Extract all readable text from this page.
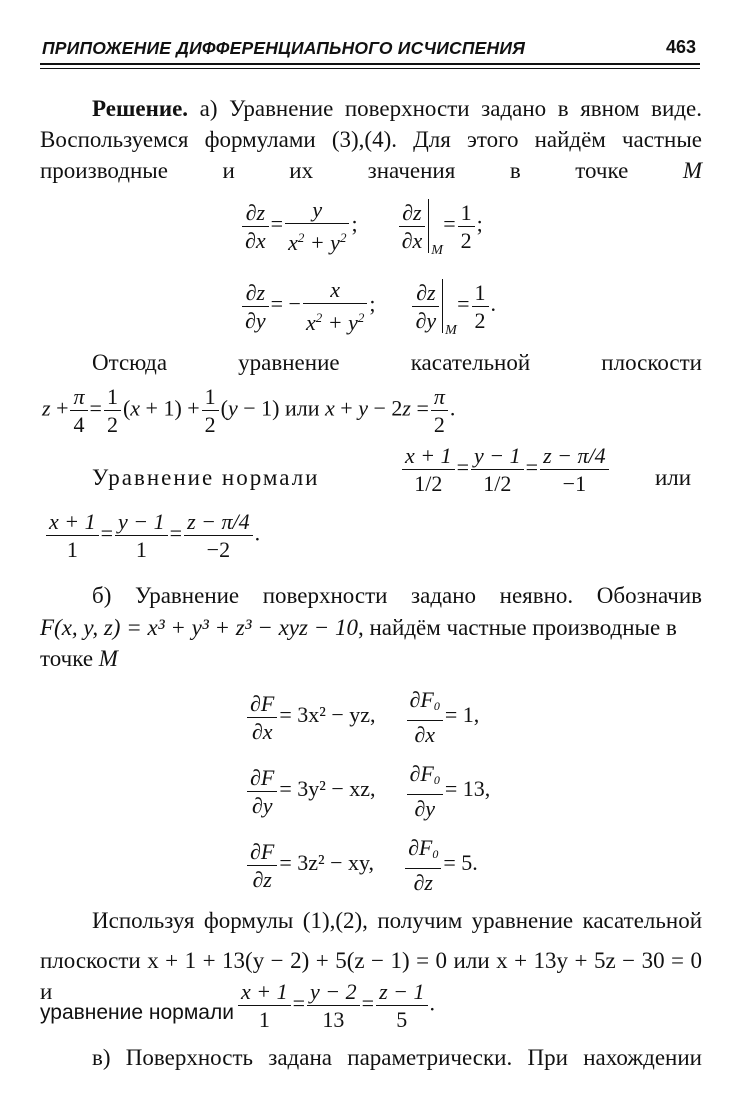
ПРИПОЖЕНИЕ ДИФФЕРЕНЦИАПЬНОГО ИСЧИСПЕНИЯ	463
Решение. а) Уравнение поверхности задано в явном виде. Воспользуемся формулами (3),(4). Для этого найдём частные производные и их значения в точке M
$\frac{\partial z}{\partial x} = \frac{y}{x^2 + y^2}$ ; $\frac{\partial z}{\partial x}$ M
= $\frac{1}{2}$ ;
$\frac{\partial z}{\partial y}$ = − $\frac{x}{x^2 + y^2}$ ; $\frac{\partial z}{\partial y}$ M
= $\frac{1}{2}$ .
Отсюда уравнение касательной плоскости
$z + \frac{\pi}{4} = \frac{1}{2} (x + 1) + \frac{1}{2} (y - 1)$ или $x + y - 2z = \frac{\pi}{2}$ .
Уравнение нормали	$\frac{x + 1}{1/2} = \frac{y - 1}{1/2} = \frac{z - \pi/4}{-1}$ или
$\frac{x + 1}{1} = \frac{y - 1}{1} = \frac{z - \pi/4}{-2}$ .
б) Уравнение поверхности задано неявно. Обозначив
F(x, y, z) = x³ + y³ + z³ − xyz − 10, найдём частные производные в точке M
$\frac{\partial F}{\partial x} = 3x^2$ − yz, $\frac{\partial F_0}{\partial x} = 1$,
$\frac{\partial F}{\partial y} = 3y^2$ − xz, $\frac{\partial F_0}{\partial y} = 13$,
$\frac{\partial F}{\partial z} = 3z^2$ − xy, $\frac{\partial F_0}{\partial z} = 5$.
Используя формулы (1),(2), получим уравнение касательной
плоскости x + 1 + 13(y − 2) + 5(z − 1) = 0 или x + 13y + 5z − 30 = 0 и
уравнение нормали $\frac{x + 1}{1} = \frac{y - 2}{13} = \frac{z - 1}{5}$ .
в) Поверхность задана параметрически. При нахождении
